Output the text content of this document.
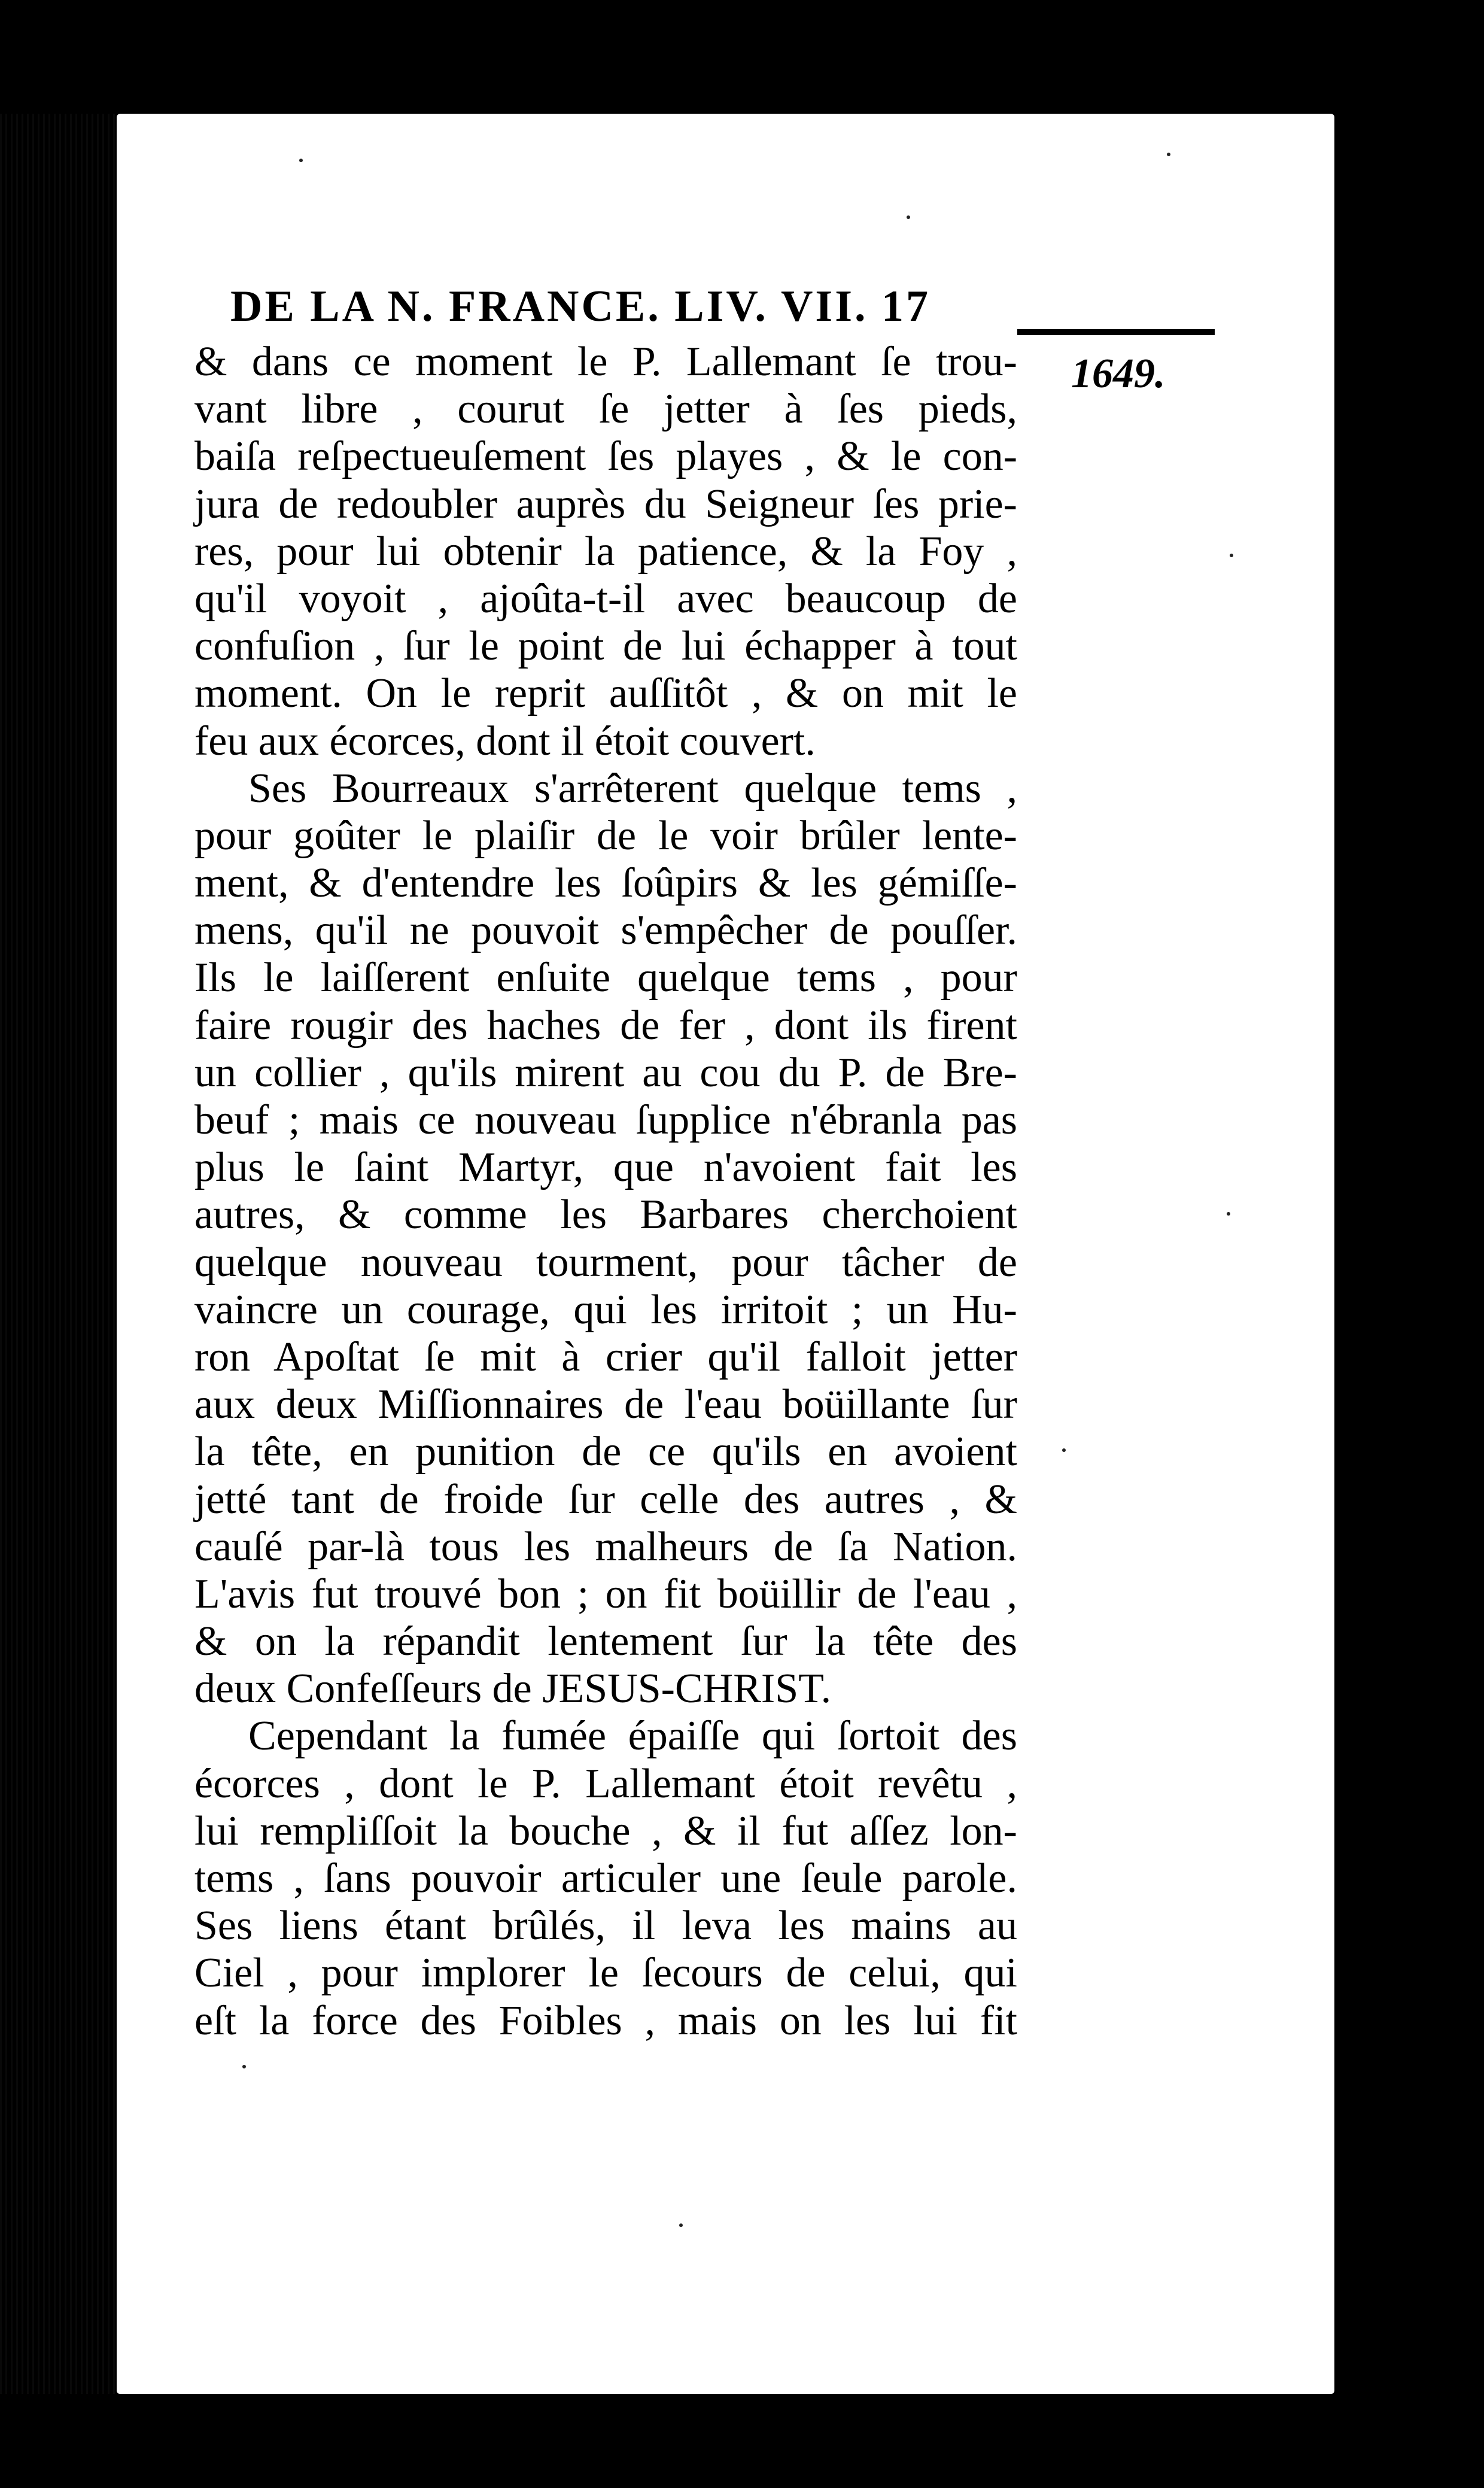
DE LA N. FRANCE. LIV. VII. 17
1649.
& dans ce moment le P. Lallemant ſe trou-
vant libre , courut ſe jetter à ſes pieds,
baiſa reſpectueuſement ſes playes , & le con-
jura de redoubler auprès du Seigneur ſes prie-
res, pour lui obtenir la patience, & la Foy ,
qu'il voyoit , ajoûta-t-il avec beaucoup de
confuſion , ſur le point de lui échapper à tout
moment. On le reprit auſſitôt , & on mit le
feu aux écorces, dont il étoit couvert.
Ses Bourreaux s'arrêterent quelque tems ,
pour goûter le plaiſir de le voir brûler lente-
ment, & d'entendre les ſoûpirs & les gémiſſe-
mens, qu'il ne pouvoit s'empêcher de pouſſer.
Ils le laiſſerent enſuite quelque tems , pour
faire rougir des haches de fer , dont ils firent
un collier , qu'ils mirent au cou du P. de Bre-
beuf ; mais ce nouveau ſupplice n'ébranla pas
plus le ſaint Martyr, que n'avoient fait les
autres, & comme les Barbares cherchoient
quelque nouveau tourment, pour tâcher de
vaincre un courage, qui les irritoit ; un Hu-
ron Apoſtat ſe mit à crier qu'il falloit jetter
aux deux Miſſionnaires de l'eau boüillante ſur
la tête, en punition de ce qu'ils en avoient
jetté tant de froide ſur celle des autres , &
cauſé par-là tous les malheurs de ſa Nation.
L'avis fut trouvé bon ; on fit boüillir de l'eau ,
& on la répandit lentement ſur la tête des
deux Confeſſeurs de JESUS-CHRIST.
Cependant la fumée épaiſſe qui ſortoit des
écorces , dont le P. Lallemant étoit revêtu ,
lui rempliſſoit la bouche , & il fut aſſez lon-
tems , ſans pouvoir articuler une ſeule parole.
Ses liens étant brûlés, il leva les mains au
Ciel , pour implorer le ſecours de celui, qui
eſt la force des Foibles , mais on les lui fit
